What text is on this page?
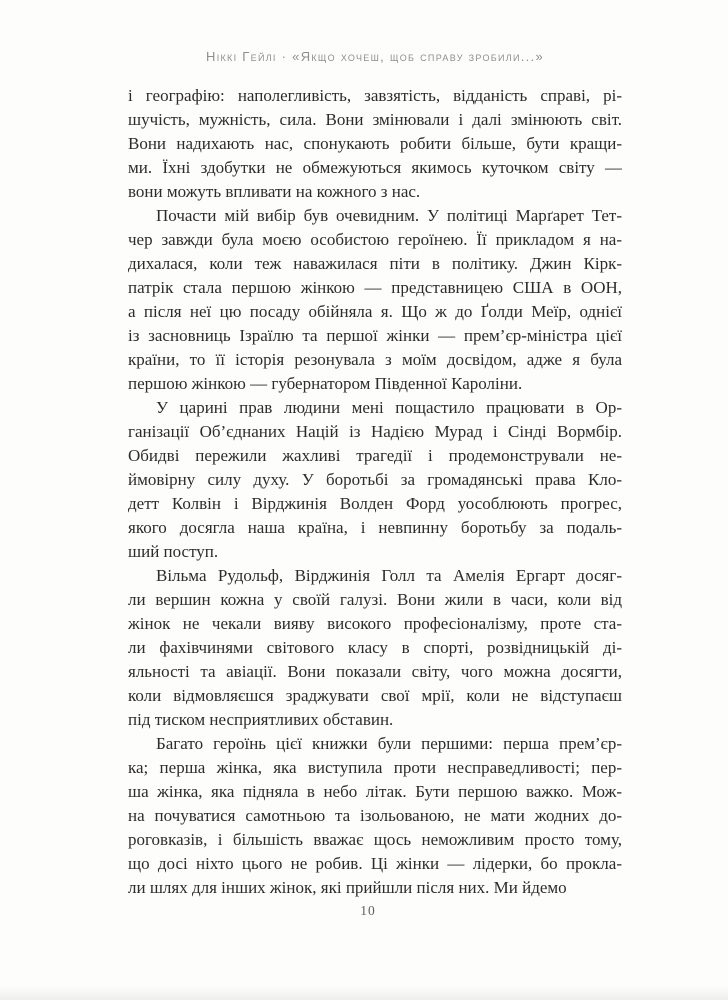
Ніккі Гейлі · «Якщо хочеш, щоб справу зробили...»
і географію: наполегливість, завзятість, відданість справі, рі-
шучість, мужність, сила. Вони змінювали і далі змінюють світ.
Вони надихають нас, спонукають робити більше, бути кращи-
ми. Їхні здобутки не обмежуються якимось куточком світу —
вони можуть впливати на кожного з нас.
Почасти мій вибір був очевидним. У політиці Марґарет Тет-
чер завжди була моєю особистою героїнею. Її прикладом я на-
дихалася, коли теж наважилася піти в політику. Джин Кірк-
патрік стала першою жінкою — представницею США в ООН,
а після неї цю посаду обійняла я. Що ж до Ґолди Меїр, однієї
із засновниць Ізраїлю та першої жінки — прем’єр-міністра цієї
країни, то її історія резонувала з моїм досвідом, адже я була
першою жінкою — губернатором Південної Кароліни.
У царині прав людини мені пощастило працювати в Ор-
ганізації Об’єднаних Націй із Надією Мурад і Сінді Вормбір.
Обидві пережили жахливі трагедії і продемонстрували не-
ймовірну силу духу. У боротьбі за громадянські права Кло-
детт Колвін і Вірджинія Волден Форд уособлюють прогрес,
якого досягла наша країна, і невпинну боротьбу за подаль-
ший поступ.
Вільма Рудольф, Вірджинія Голл та Амелія Ергарт досяг-
ли вершин кожна у своїй галузі. Вони жили в часи, коли від
жінок не чекали вияву високого професіоналізму, проте ста-
ли фахівчинями світового класу в спорті, розвідницькій ді-
яльності та авіації. Вони показали світу, чого можна досягти,
коли відмовляєшся зраджувати свої мрії, коли не відступаєш
під тиском несприятливих обставин.
Багато героїнь цієї книжки були першими: перша прем’єр-
ка; перша жінка, яка виступила проти несправедливості; пер-
ша жінка, яка підняла в небо літак. Бути першою важко. Мож-
на почуватися самотньою та ізольованою, не мати жодних до-
роговказів, і більшість вважає щось неможливим просто тому,
що досі ніхто цього не робив. Ці жінки — лідерки, бо прокла-
ли шлях для інших жінок, які прийшли після них. Ми йдемо
10
